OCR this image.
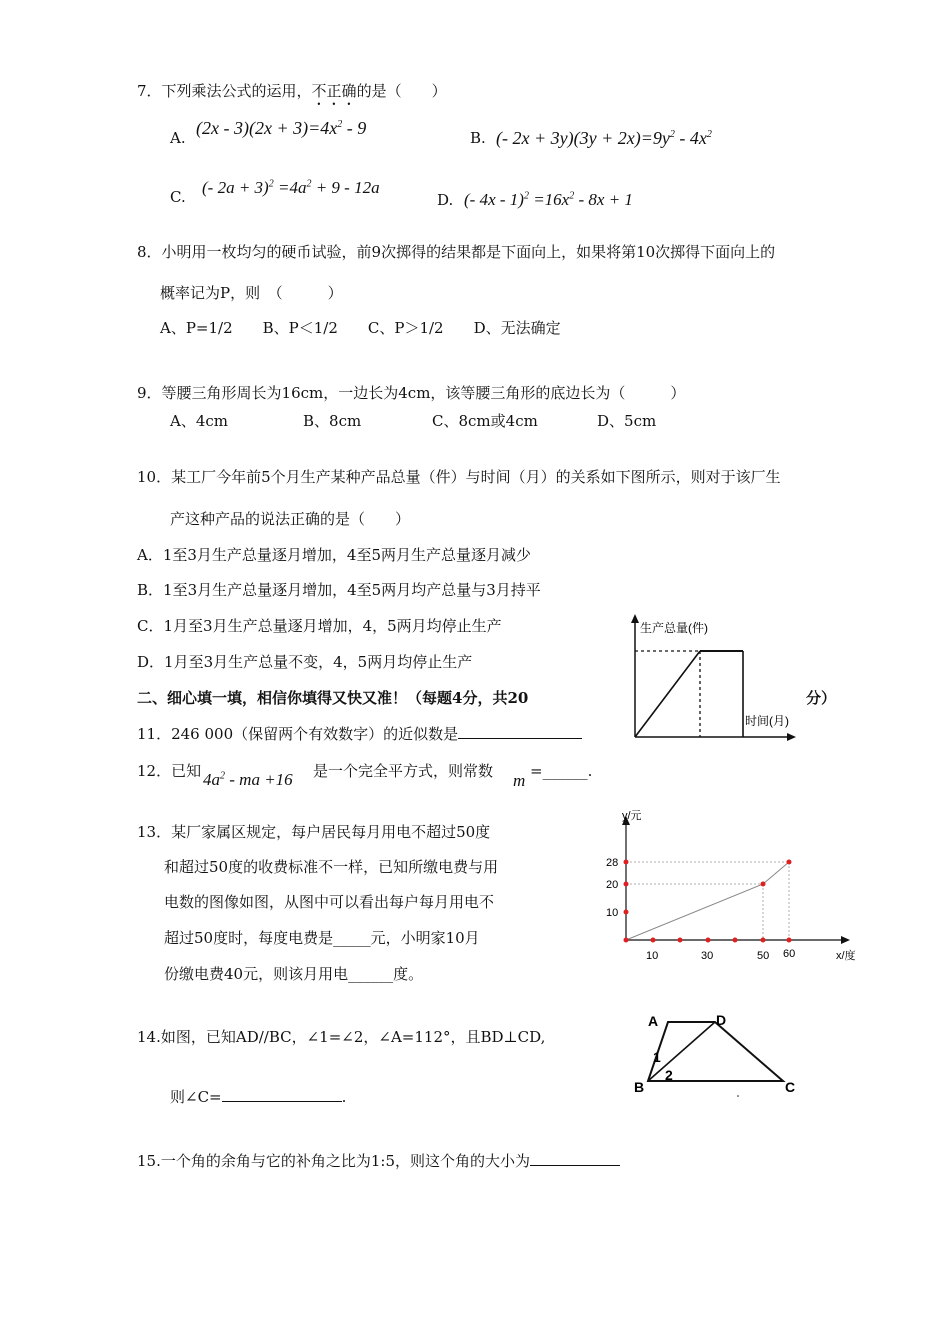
7．下列乘法公式的运用，不正确的是（　　）
A. $(2x - 3)(2x + 3)=4x^2 - 9$	B. (- $2x + 3y)(3y + 2x)=9y^2 - 4x^2$
C. (- $2a + 3)^2 =4a^2 + 9 - 12a$
D. (- $4x - 1)^2 =16x^2 - 8x + 1$
8．小明用一枚均匀的硬币试验，前9次掷得的结果都是下面向上，如果将第10次掷得下面向上的
概率记为P，则　（　　　）
A、P=1/2　　B、P＜1/2　　C、P＞1/2　　D、无法确定
9．等腰三角形周长为16cm，一边长为4cm，该等腰三角形的底边长为（　　　）
A、4cm	B、8cm	C、8cm或4cm	D、5cm
10．某工厂今年前5个月生产某种产品总量（件）与时间（月）的关系如下图所示，则对于该厂生
产这种产品的说法正确的是（　　）
A．1至3月生产总量逐月增加，4至5两月生产总量逐月减少
B．1至3月生产总量逐月增加，4至5两月均产总量与3月持平
C．1月至3月生产总量逐月增加，4，5两月均停止生产
D．1月至3月生产总量不变，4，5两月均停止生产
生产总量(件)
时间(月)
二、细心填一填，相信你填得又快又准！（每题4分，共20	分）
11．246 000（保留两个有效数字）的近似数是
12．已知 $4a^2$ - ma +16 是一个完全平方式，则常数 m =______.
13．某厂家属区规定，每户居民每月用电不超过50度
和超过50度的收费标准不一样，已知所缴电费与用
电数的图像如图，从图中可以看出每户每月用电不
超过50度时，每度电费是_____元，小明家10月
份缴电费40元，则该月用电______度。
y/元
x/度
28
20
10
10	30	50 60
14.如图，已知AD//BC，∠1=∠2，∠A=112°，且BD⊥CD,
则∠C=	.
A	D
B	C
1
2
15.一个角的余角与它的补角之比为1:5，则这个角的大小为
